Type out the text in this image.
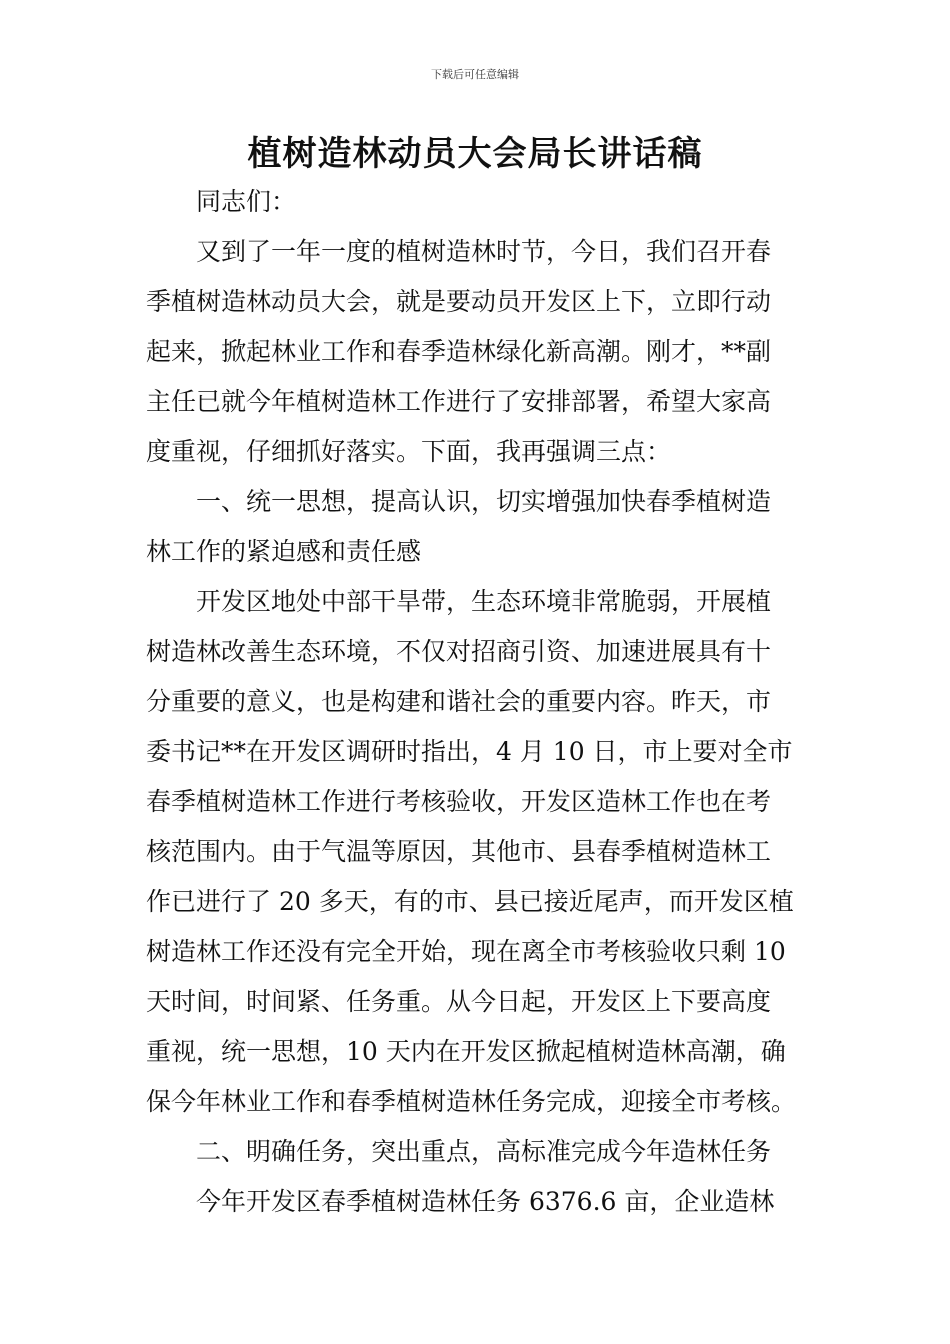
下载后可任意编辑
植树造林动员大会局长讲话稿
同志们：
又到了一年一度的植树造林时节，今日，我们召开春
季植树造林动员大会，就是要动员开发区上下，立即行动
起来，掀起林业工作和春季造林绿化新高潮。刚才，**副
主任已就今年植树造林工作进行了安排部署，希望大家高
度重视，仔细抓好落实。下面，我再强调三点：
一、统一思想，提高认识，切实增强加快春季植树造
林工作的紧迫感和责任感
开发区地处中部干旱带，生态环境非常脆弱，开展植
树造林改善生态环境，不仅对招商引资、加速进展具有十
分重要的意义，也是构建和谐社会的重要内容。昨天，市
委书记**在开发区调研时指出，4 月 10 日，市上要对全市
春季植树造林工作进行考核验收，开发区造林工作也在考
核范围内。由于气温等原因，其他市、县春季植树造林工
作已进行了 20 多天，有的市、县已接近尾声，而开发区植
树造林工作还没有完全开始，现在离全市考核验收只剩 10
天时间，时间紧、任务重。从今日起，开发区上下要高度
重视，统一思想，10 天内在开发区掀起植树造林高潮，确
保今年林业工作和春季植树造林任务完成，迎接全市考核。
二、明确任务，突出重点，高标准完成今年造林任务
今年开发区春季植树造林任务 6376.6 亩，企业造林
